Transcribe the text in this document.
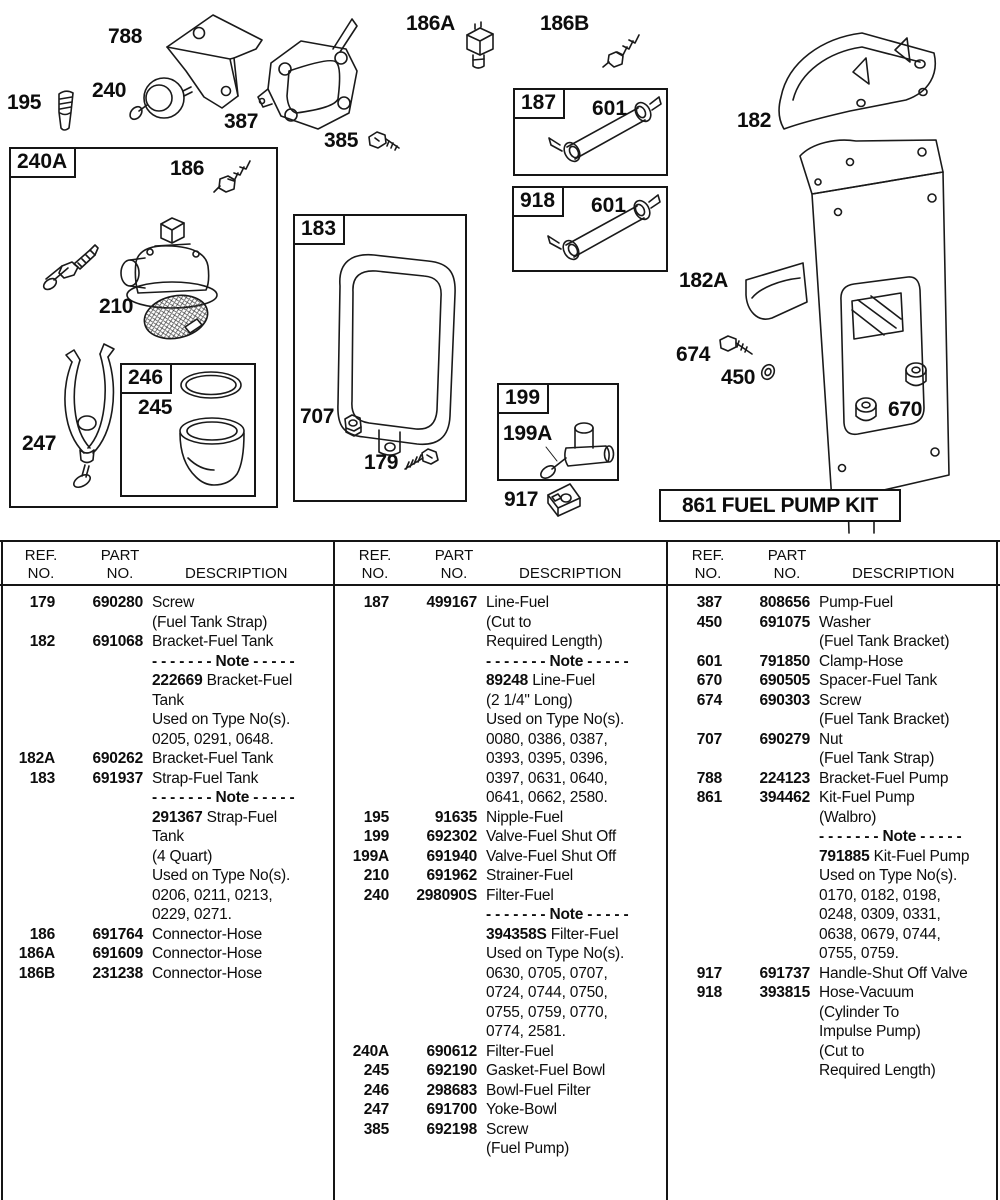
788
240
195
387
385
186A	186B
186
182
182A
210
245
247
707
179
199A
917
674
450
670
240A
183
187	601
918	601
199
246
861 FUEL PUMP KIT
REF.
NO.
PART
NO.	DESCRIPTION
179	690280 Screw
(Fuel Tank Strap)
182	691068 Bracket-Fuel Tank
- - - - - - - Note - - - - -
222669 Bracket-Fuel
Tank
Used on Type No(s).
0205, 0291, 0648.
182A	690262 Bracket-Fuel Tank
183	691937 Strap-Fuel Tank
- - - - - - - Note - - - - -
291367 Strap-Fuel
Tank
(4 Quart)
Used on Type No(s).
0206, 0211, 0213,
0229, 0271.
186	691764 Connector-Hose
186A	691609 Connector-Hose
186B	231238 Connector-Hose
REF.
NO.
PART
NO.	DESCRIPTION
187	499167 Line-Fuel
(Cut to
Required Length)
- - - - - - - Note - - - - -
89248 Line-Fuel
(2 1/4" Long)
Used on Type No(s).
0080, 0386, 0387,
0393, 0395, 0396,
0397, 0631, 0640,
0641, 0662, 2580.
195	91635 Nipple-Fuel
199	692302 Valve-Fuel Shut Off
199A	691940 Valve-Fuel Shut Off
210	691962 Strainer-Fuel
240	298090S Filter-Fuel
- - - - - - - Note - - - - -
394358S Filter-Fuel
Used on Type No(s).
0630, 0705, 0707,
0724, 0744, 0750,
0755, 0759, 0770,
0774, 2581.
240A	690612 Filter-Fuel
245	692190 Gasket-Fuel Bowl
246	298683 Bowl-Fuel Filter
247	691700 Yoke-Bowl
385	692198 Screw
(Fuel Pump)
REF.
NO.
PART
NO.	DESCRIPTION
387	808656 Pump-Fuel
450	691075 Washer
(Fuel Tank Bracket)
601	791850 Clamp-Hose
670	690505 Spacer-Fuel Tank
674	690303 Screw
(Fuel Tank Bracket)
707	690279 Nut
(Fuel Tank Strap)
788	224123 Bracket-Fuel Pump
861	394462 Kit-Fuel Pump
(Walbro)
- - - - - - - Note - - - - -
791885 Kit-Fuel Pump
Used on Type No(s).
0170, 0182, 0198,
0248, 0309, 0331,
0638, 0679, 0744,
0755, 0759.
917	691737 Handle-Shut Off Valve
918	393815 Hose-Vacuum
(Cylinder To
Impulse Pump)
(Cut to
Required Length)
